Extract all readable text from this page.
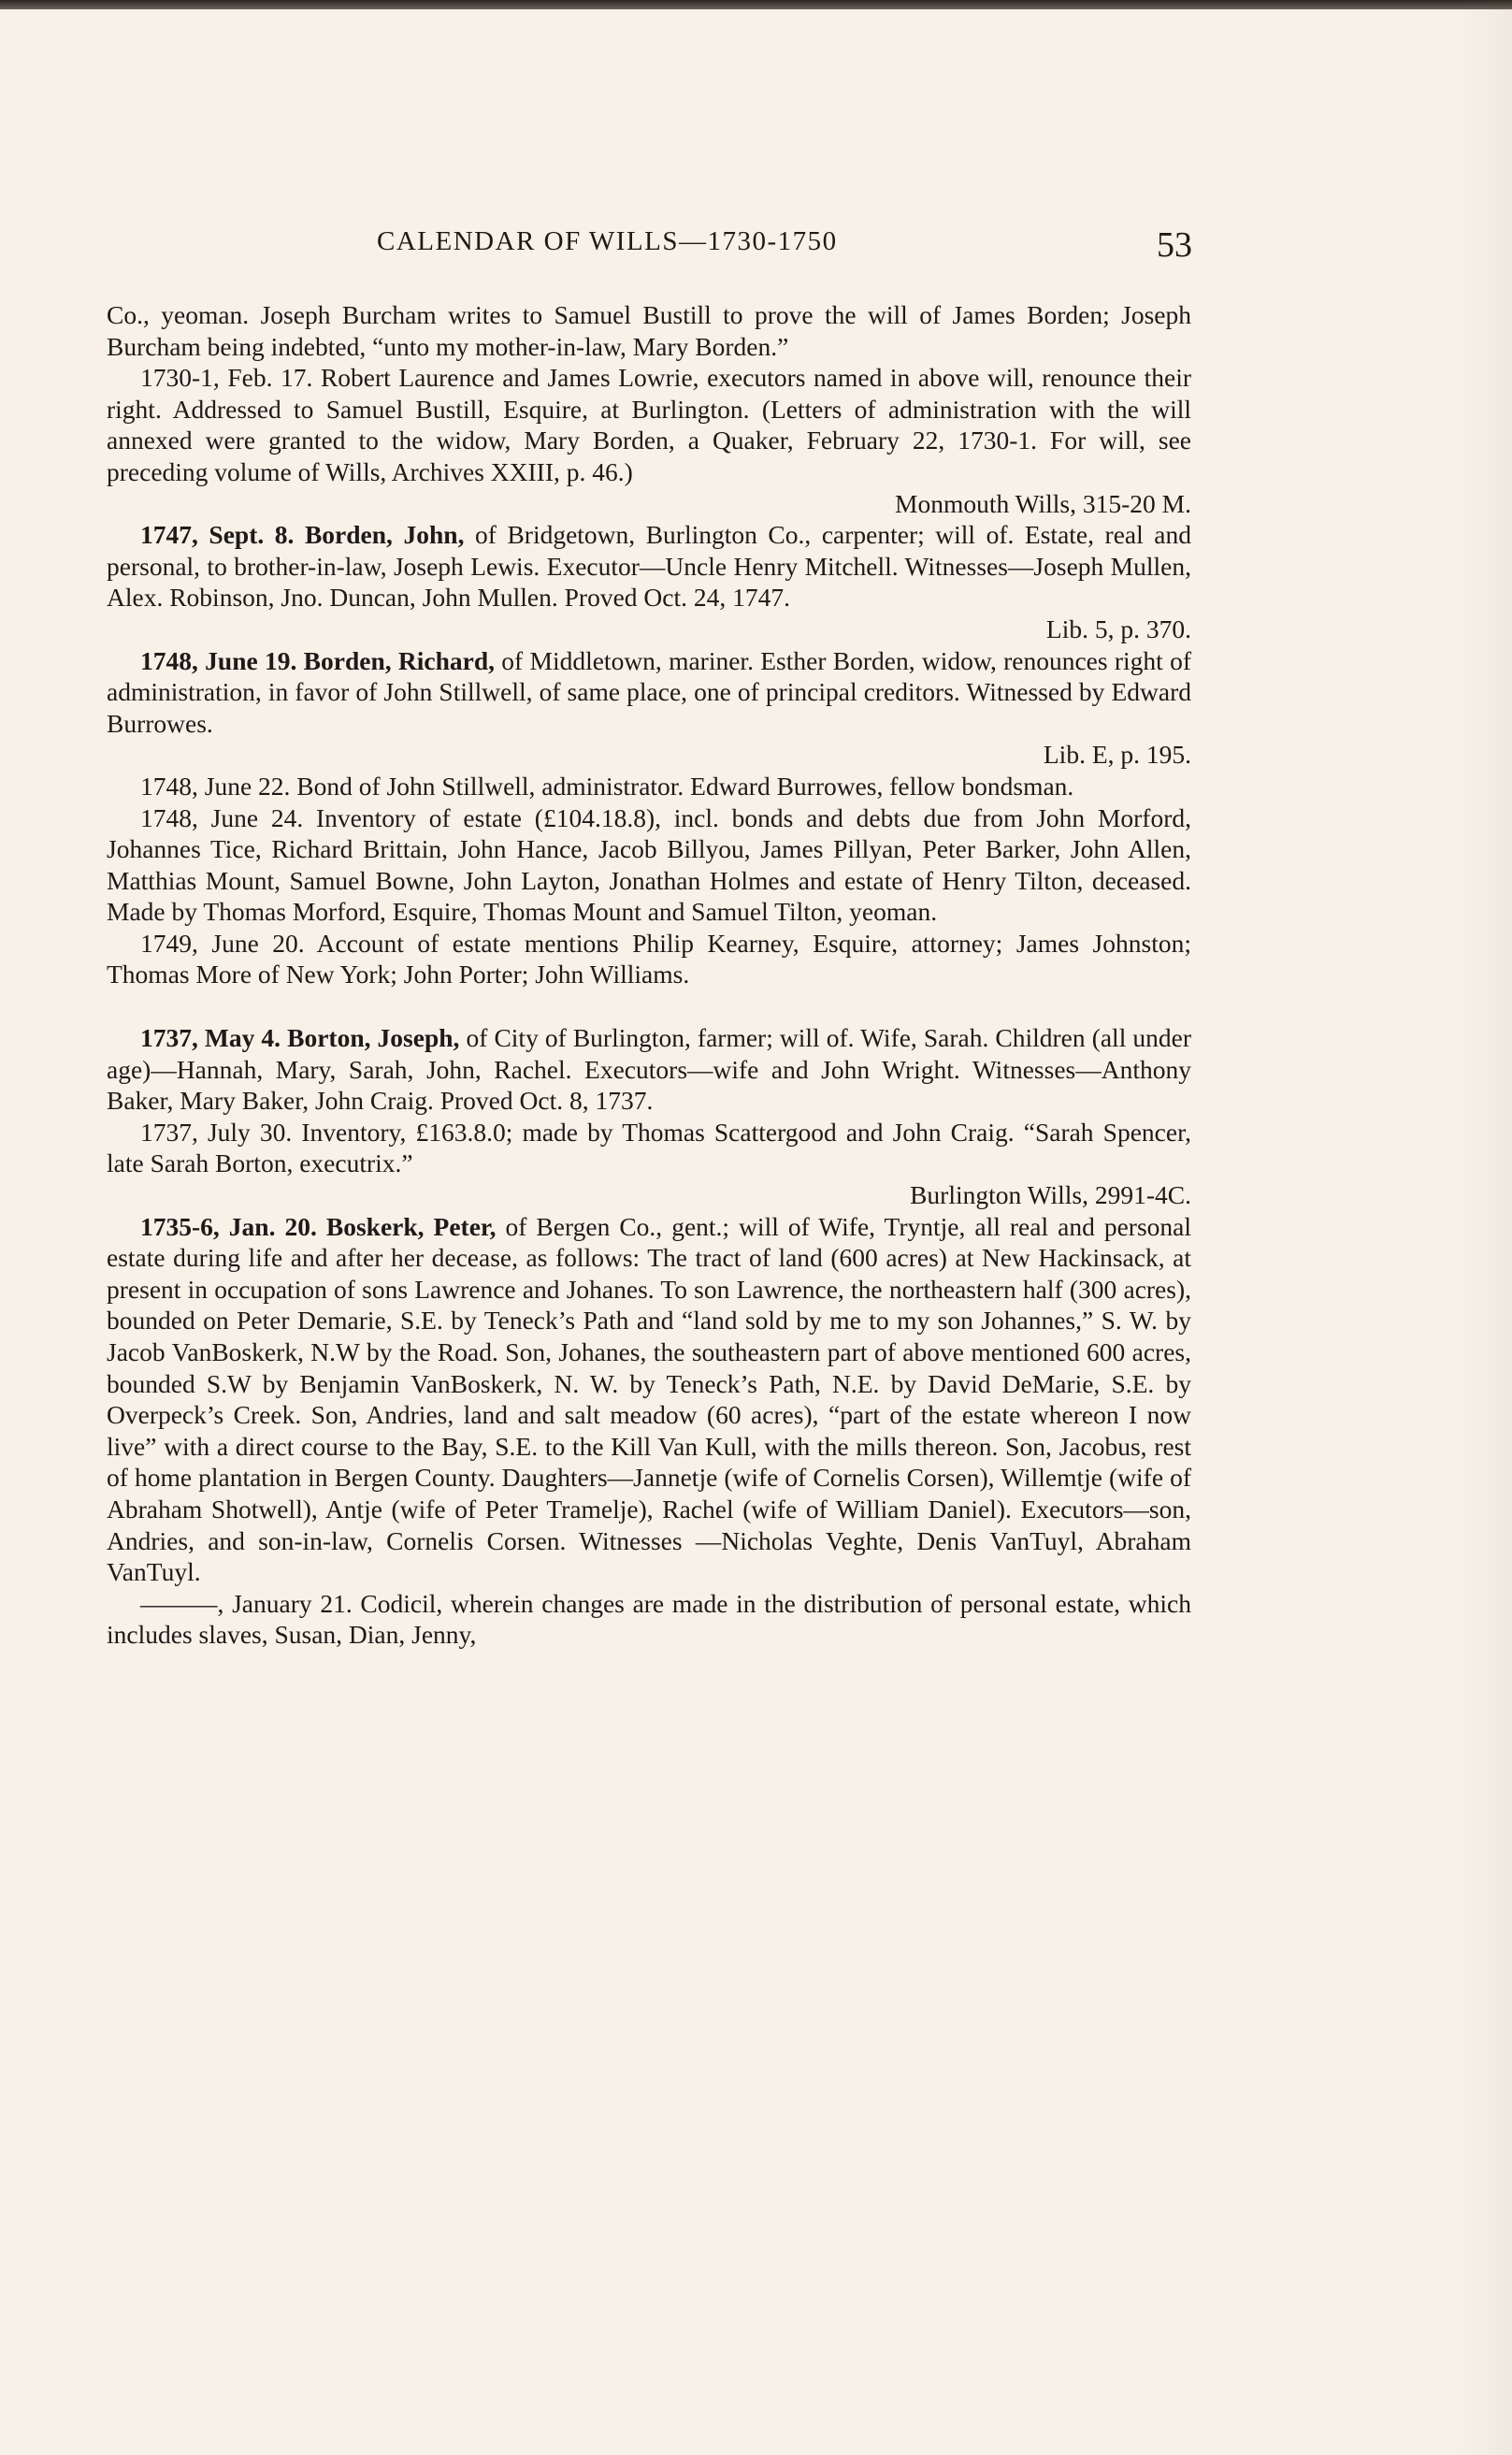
CALENDAR OF WILLS—1730-1750	53

Co., yeoman. Joseph Burcham writes to Samuel Bustill to prove the will of James Borden; Joseph Burcham being indebted, “unto my mother-in-law, Mary Borden.”

1730-1, Feb. 17. Robert Laurence and James Lowrie, executors named in above will, renounce their right. Addressed to Samuel Bustill, Esquire, at Burlington. (Letters of administration with the will annexed were granted to the widow, Mary Borden, a Quaker, February 22, 1730-1. For will, see preceding volume of Wills, Archives XXIII, p. 46.)

Monmouth Wills, 315-20 M.

1747, Sept. 8. Borden, John, of Bridgetown, Burlington Co., carpenter; will of. Estate, real and personal, to brother-in-law, Joseph Lewis. Executor—Uncle Henry Mitchell. Witnesses—Joseph Mullen, Alex. Robinson, Jno. Duncan, John Mullen. Proved Oct. 24, 1747.

Lib. 5, p. 370.

1748, June 19. Borden, Richard, of Middletown, mariner. Esther Borden, widow, renounces right of administration, in favor of John Stillwell, of same place, one of principal creditors. Witnessed by Edward Burrowes.

Lib. E, p. 195.

1748, June 22. Bond of John Stillwell, administrator. Edward Burrowes, fellow bondsman.

1748, June 24. Inventory of estate (£104.18.8), incl. bonds and debts due from John Morford, Johannes Tice, Richard Brittain, John Hance, Jacob Billyou, James Pillyan, Peter Barker, John Allen, Matthias Mount, Samuel Bowne, John Layton, Jonathan Holmes and estate of Henry Tilton, deceased. Made by Thomas Morford, Esquire, Thomas Mount and Samuel Tilton, yeoman.

1749, June 20. Account of estate mentions Philip Kearney, Esquire, attorney; James Johnston; Thomas More of New York; John Porter; John Williams.

1737, May 4. Borton, Joseph, of City of Burlington, farmer; will of. Wife, Sarah. Children (all under age)—Hannah, Mary, Sarah, John, Rachel. Executors—wife and John Wright. Witnesses—Anthony Baker, Mary Baker, John Craig. Proved Oct. 8, 1737.

1737, July 30. Inventory, £163.8.0; made by Thomas Scattergood and John Craig. “Sarah Spencer, late Sarah Borton, executrix.”

Burlington Wills, 2991-4C.

1735-6, Jan. 20. Boskerk, Peter, of Bergen Co., gent.; will of Wife, Tryntje, all real and personal estate during life and after her decease, as follows: The tract of land (600 acres) at New Hackinsack, at present in occupation of sons Lawrence and Johanes. To son Lawrence, the northeastern half (300 acres), bounded on Peter Demarie, S.E. by Teneck’s Path and “land sold by me to my son Johannes,” S. W. by Jacob VanBoskerk, N.W by the Road. Son, Johanes, the southeastern part of above mentioned 600 acres, bounded S.W by Benjamin VanBoskerk, N. W. by Teneck’s Path, N.E. by David DeMarie, S.E. by Overpeck’s Creek. Son, Andries, land and salt meadow (60 acres), “part of the estate whereon I now live” with a direct course to the Bay, S.E. to the Kill Van Kull, with the mills thereon. Son, Jacobus, rest of home plantation in Bergen County. Daughters—Jannetje (wife of Cornelis Corsen), Willemtje (wife of Abraham Shotwell), Antje (wife of Peter Tramelje), Rachel (wife of William Daniel). Executors—son, Andries, and son-in-law, Cornelis Corsen. Witnesses —Nicholas Veghte, Denis VanTuyl, Abraham VanTuyl.

———, January 21. Codicil, wherein changes are made in the distribution of personal estate, which includes slaves, Susan, Dian, Jenny,
